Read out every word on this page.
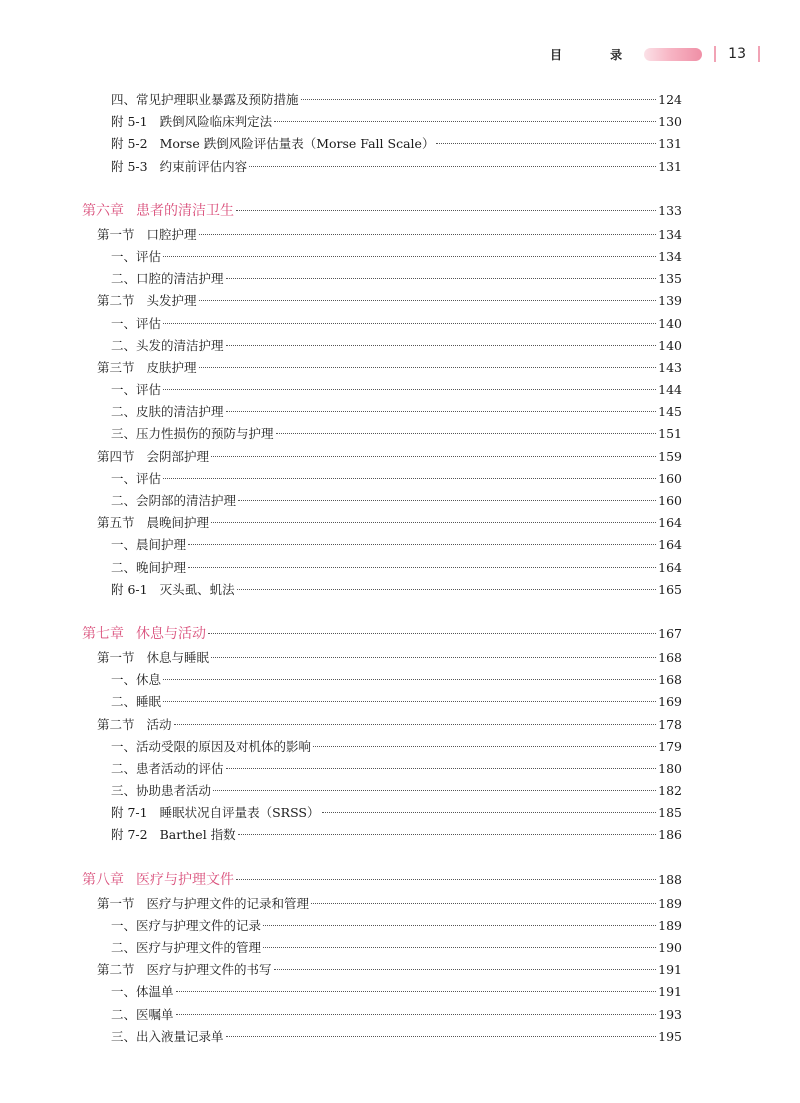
目 录	13
四、常见护理职业暴露及预防措施	124
附 5-1 跌倒风险临床判定法	130
附 5-2 Morse 跌倒风险评估量表（Morse Fall Scale）	131
附 5-3 约束前评估内容	131
第六章 患者的清洁卫生	133
第一节 口腔护理	134
一、评估	134
二、口腔的清洁护理	135
第二节 头发护理	139
一、评估	140
二、头发的清洁护理	140
第三节 皮肤护理	143
一、评估	144
二、皮肤的清洁护理	145
三、压力性损伤的预防与护理	151
第四节 会阴部护理	159
一、评估	160
二、会阴部的清洁护理	160
第五节 晨晚间护理	164
一、晨间护理	164
二、晚间护理	164
附 6-1 灭头虱、虮法	165
第七章 休息与活动	167
第一节 休息与睡眠	168
一、休息	168
二、睡眠	169
第二节 活动	178
一、活动受限的原因及对机体的影响	179
二、患者活动的评估	180
三、协助患者活动	182
附 7-1 睡眠状况自评量表（SRSS）	185
附 7-2 Barthel 指数	186
第八章 医疗与护理文件	188
第一节 医疗与护理文件的记录和管理	189
一、医疗与护理文件的记录	189
二、医疗与护理文件的管理	190
第二节 医疗与护理文件的书写	191
一、体温单	191
二、医嘱单	193
三、出入液量记录单	195
